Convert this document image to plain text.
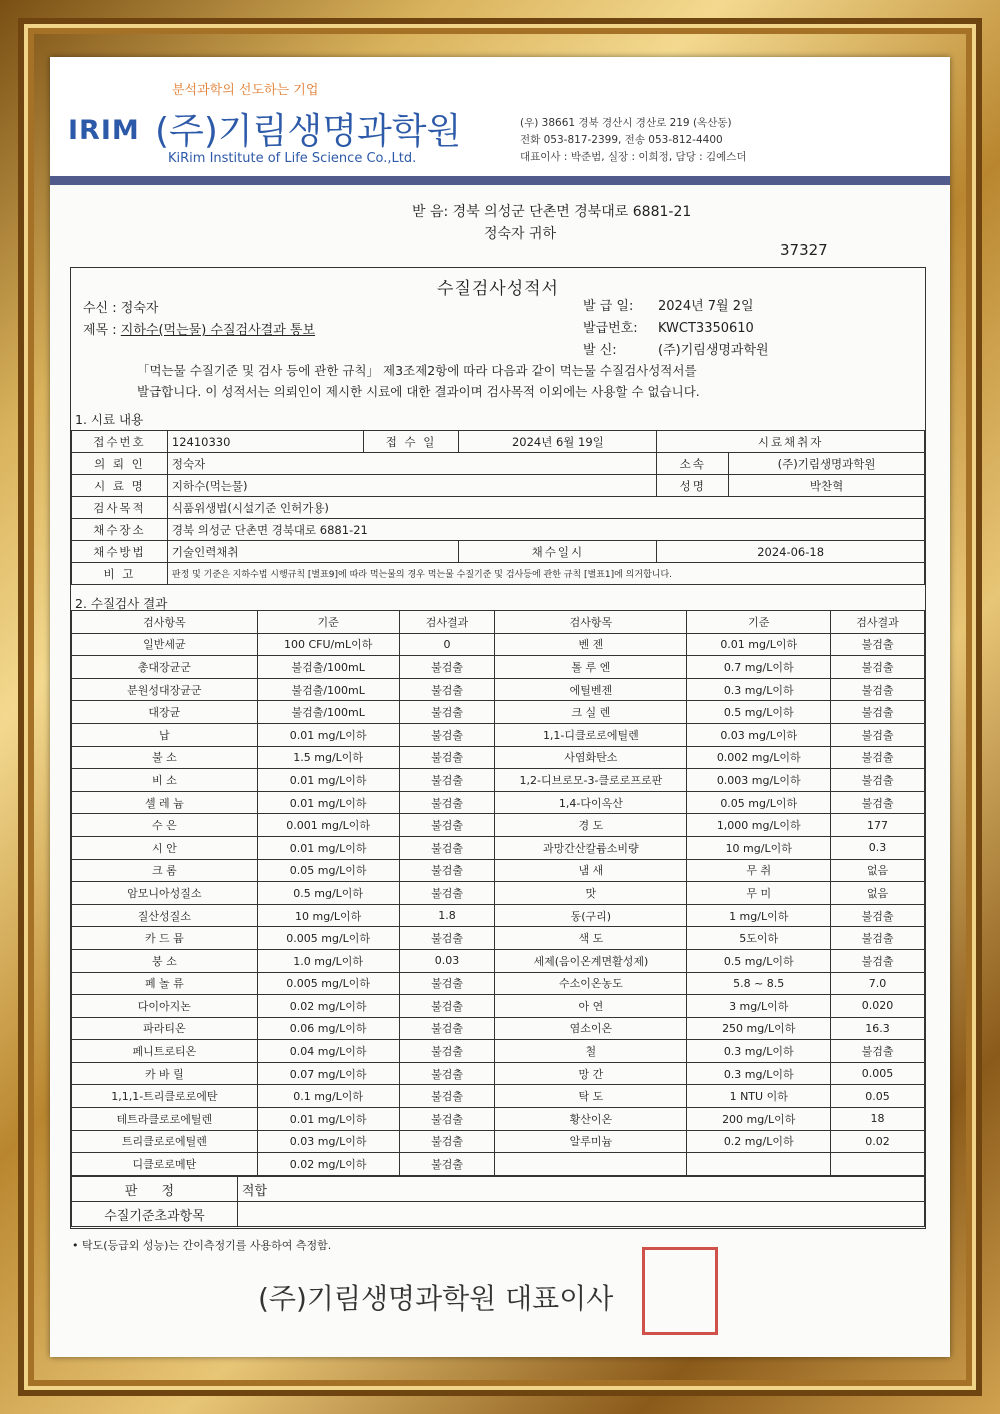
분석과학의 선도하는 기업
IRIM (주)기림생명과학원
KiRim Institute of Life Science Co.,Ltd.
(우) 38661 경북 경산시 경산로 219 (옥산동)
전화 053-817-2399, 전송 053-812-4400
대표이사 : 박준범, 실장 : 이희정, 담당 : 김예스더
받 음: 경북 의성군 단촌면 경북대로 6881-21
정숙자 귀하
37327
수질검사성적서
수신 : 정숙자
제목 : 지하수(먹는물) 수질검사결과 통보
발 급 일: 2024년 7월 2일
발급번호: KWCT3350610
발 신:	(주)기림생명과학원
「먹는물 수질기준 및 검사 등에 관한 규칙」 제3조제2항에 따라 다음과 같이 먹는물 수질검사성적서를
발급합니다. 이 성적서는 의뢰인이 제시한 시료에 대한 결과이며 검사목적 이외에는 사용할 수 없습니다.
1. 시료 내용
접수번호	12410330	접 수 일	2024년 6월 19일	시료채취자	
의 뢰 인	정숙자			소속	(주)기림생명과학원
시 료 명	지하수(먹는물)			성명	박찬혁
검사목적	식품위생법(시설기준 인허가용)				
채수장소	경북 의성군 단촌면 경북대로 6881-21				
채수방법	기술인력채취		채수일시	2024-06-18	
비 고	판정 및 기준은 지하수법 시행규칙 [별표9]에 따라 먹는물의 경우 먹는물 수질기준 및 검사등에 관한 규칙 [별표1]에 의거합니다.				
2. 수질검사 결과
검사항목	기준	검사결과	검사항목	기준	검사결과
일반세균	100 CFU/mL이하	0	벤 젠	0.01 mg/L이하	불검출
총대장균군	불검출/100mL	불검출	톨 루 엔	0.7 mg/L이하	불검출
분원성대장균군	불검출/100mL	불검출	에틸벤젠	0.3 mg/L이하	불검출
대장균	불검출/100mL	불검출	크 실 렌	0.5 mg/L이하	불검출
납	0.01 mg/L이하	불검출	1,1-디클로로에틸렌	0.03 mg/L이하	불검출
불 소	1.5 mg/L이하	불검출	사염화탄소	0.002 mg/L이하	불검출
비 소	0.01 mg/L이하	불검출	1,2-디브로모-3-클로로프로판	0.003 mg/L이하	불검출
셀 레 늄	0.01 mg/L이하	불검출	1,4-다이옥산	0.05 mg/L이하	불검출
수 은	0.001 mg/L이하	불검출	경 도	1,000 mg/L이하	177
시 안	0.01 mg/L이하	불검출	과망간산칼륨소비량	10 mg/L이하	0.3
크 롬	0.05 mg/L이하	불검출	냄 새	무 취	없음
암모니아성질소	0.5 mg/L이하	불검출	맛	무 미	없음
질산성질소	10 mg/L이하	1.8	동(구리)	1 mg/L이하	불검출
카 드 뮴	0.005 mg/L이하	불검출	색 도	5도이하	불검출
붕 소	1.0 mg/L이하	0.03	세제(음이온계면활성제)	0.5 mg/L이하	불검출
페 놀 류	0.005 mg/L이하	불검출	수소이온농도	5.8 ~ 8.5	7.0
다이아지논	0.02 mg/L이하	불검출	아 연	3 mg/L이하	0.020
파라티온	0.06 mg/L이하	불검출	염소이온	250 mg/L이하	16.3
페니트로티온	0.04 mg/L이하	불검출	철	0.3 mg/L이하	불검출
카 바 릴	0.07 mg/L이하	불검출	망 간	0.3 mg/L이하	0.005
1,1,1-트리클로로에탄	0.1 mg/L이하	불검출	탁 도	1 NTU 이하	0.05
테트라클로로에틸렌	0.01 mg/L이하	불검출	황산이온	200 mg/L이하	18
트리클로로에틸렌	0.03 mg/L이하	불검출	알루미늄	0.2 mg/L이하	0.02
디클로로메탄	0.02 mg/L이하	불검출			
판 정	적합
수질기준초과항목	
• 탁도(등급외 성능)는 간이측정기를 사용하여 측정함.
(주)기림생명과학원 대표이사
